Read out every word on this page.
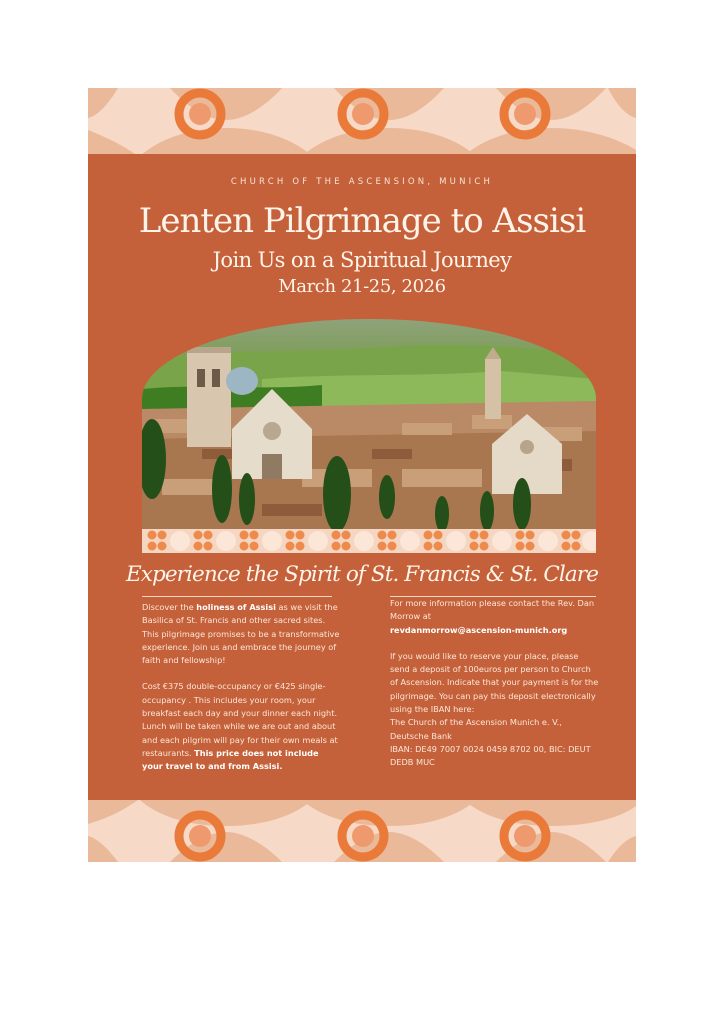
CHURCH OF THE ASCENSION, MUNICH
Lenten Pilgrimage to Assisi
Join Us on a Spiritual Journey
March 21-25, 2026
Experience the Spirit of St. Francis & St. Clare

Discover the holiness of Assisi as we visit the Basilica of St. Francis and other sacred sites. This pilgrimage promises to be a transformative experience. Join us and embrace the journey of faith and fellowship!

Cost €375 double-occupancy or €425 single-occupancy . This includes your room, your breakfast each day and your dinner each night. Lunch will be taken while we are out and about and each pilgrim will pay for their own meals at restaurants. This price does not include your travel to and from Assisi.

For more information please contact the Rev. Dan Morrow at
revdanmorrow@ascension-munich.org

If you would like to reserve your place, please send a deposit of 100euros per person to Church of Ascension. Indicate that your payment is for the pilgrimage. You can pay this deposit electronically using the IBAN here:
The Church of the Ascension Munich e. V., Deutsche Bank
IBAN: DE49 7007 0024 0459 8702 00, BIC: DEUT DEDB MUC
